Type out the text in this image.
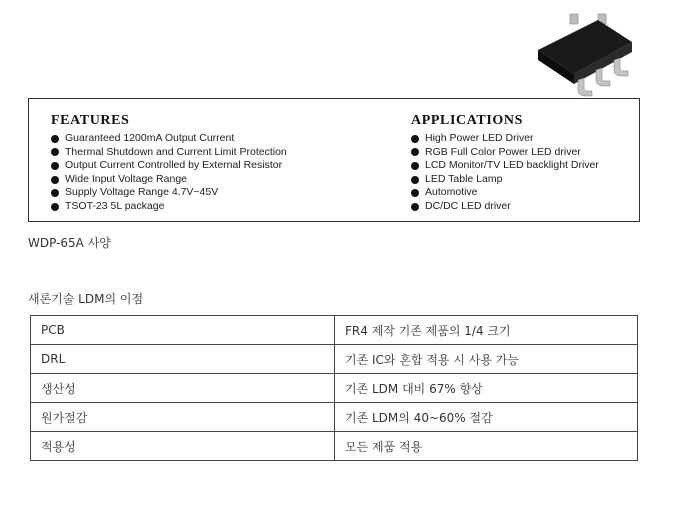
FEATURES
Guaranteed 1200mA Output Current
Thermal Shutdown and Current Limit Protection
Output Current Controlled by External Resistor
Wide Input Voltage Range
Supply Voltage Range 4.7V~45V
TSOT-23 5L package
APPLICATIONS
High Power LED Driver
RGB Full Color Power LED driver
LCD Monitor/TV LED backlight Driver
LED Table Lamp
Automotive
DC/DC LED driver
WDP-65A 사양
새론기술 LDM의 이점
PCB	FR4 제작 기존 제품의 1/4 크기
DRL	기존 IC와 혼합 적용 시 사용 가능
생산성	기존 LDM 대비 67% 향상
원가절감	기존 LDM의 40~60% 절감
적용성	모든 제품 적용
